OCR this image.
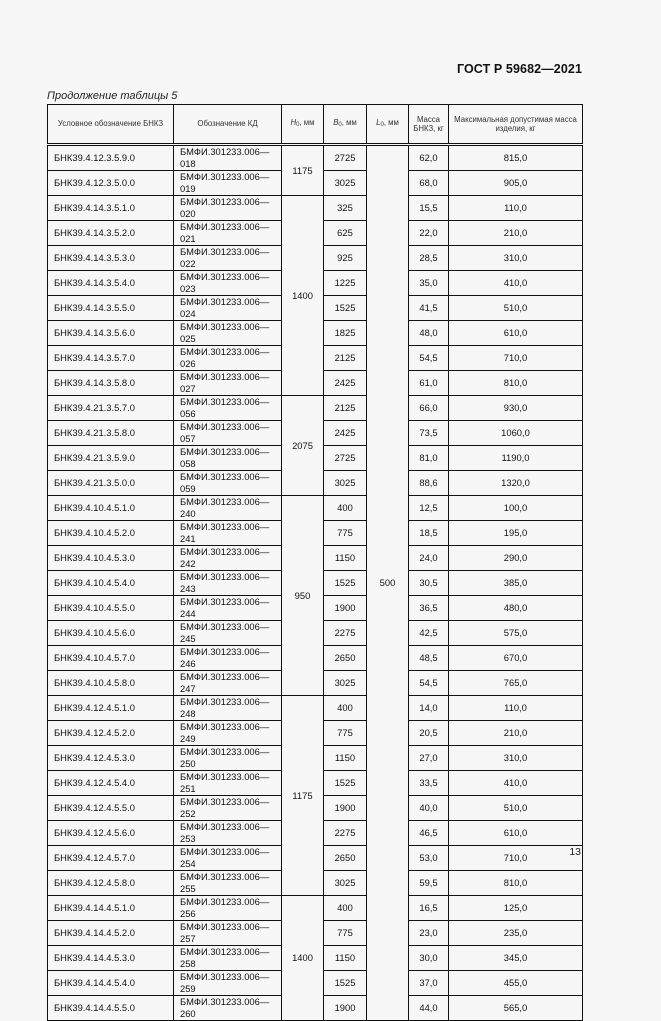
ГОСТ Р 59682—2021
Продолжение таблицы 5
Условное обозначение БНКЗ	Обозначение КД	H0, мм	B0, мм	L0, мм	Масса БНКЗ, кг	Максимальная допустимая масса изделия, кг
БНК39.4.12.3.5.9.0	БМФИ.301233.006—018	1175	2725	500	62,0	815,0
БНК39.4.12.3.5.0.0	БМФИ.301233.006—019		3025		68,0	905,0
БНК39.4.14.3.5.1.0	БМФИ.301233.006—020	1400	325		15,5	110,0
БНК39.4.14.3.5.2.0	БМФИ.301233.006—021		625		22,0	210,0
БНК39.4.14.3.5.3.0	БМФИ.301233.006—022		925		28,5	310,0
БНК39.4.14.3.5.4.0	БМФИ.301233.006—023		1225		35,0	410,0
БНК39.4.14.3.5.5.0	БМФИ.301233.006—024		1525		41,5	510,0
БНК39.4.14.3.5.6.0	БМФИ.301233.006—025		1825		48,0	610,0
БНК39.4.14.3.5.7.0	БМФИ.301233.006—026		2125		54,5	710,0
БНК39.4.14.3.5.8.0	БМФИ.301233.006—027		2425		61,0	810,0
БНК39.4.21.3.5.7.0	БМФИ.301233.006—056	2075	2125		66,0	930,0
БНК39.4.21.3.5.8.0	БМФИ.301233.006—057		2425		73,5	1060,0
БНК39.4.21.3.5.9.0	БМФИ.301233.006—058		2725		81,0	1190,0
БНК39.4.21.3.5.0.0	БМФИ.301233.006—059		3025		88,6	1320,0
БНК39.4.10.4.5.1.0	БМФИ.301233.006—240	950	400		12,5	100,0
БНК39.4.10.4.5.2.0	БМФИ.301233.006—241		775		18,5	195,0
БНК39.4.10.4.5.3.0	БМФИ.301233.006—242		1150		24,0	290,0
БНК39.4.10.4.5.4.0	БМФИ.301233.006—243		1525		30,5	385,0
БНК39.4.10.4.5.5.0	БМФИ.301233.006—244		1900		36,5	480,0
БНК39.4.10.4.5.6.0	БМФИ.301233.006—245		2275		42,5	575,0
БНК39.4.10.4.5.7.0	БМФИ.301233.006—246		2650		48,5	670,0
БНК39.4.10.4.5.8.0	БМФИ.301233.006—247		3025		54,5	765,0
БНК39.4.12.4.5.1.0	БМФИ.301233.006—248	1175	400		14,0	110,0
БНК39.4.12.4.5.2.0	БМФИ.301233.006—249		775		20,5	210,0
БНК39.4.12.4.5.3.0	БМФИ.301233.006—250		1150		27,0	310,0
БНК39.4.12.4.5.4.0	БМФИ.301233.006—251		1525		33,5	410,0
БНК39.4.12.4.5.5.0	БМФИ.301233.006—252		1900		40,0	510,0
БНК39.4.12.4.5.6.0	БМФИ.301233.006—253		2275		46,5	610,0
БНК39.4.12.4.5.7.0	БМФИ.301233.006—254		2650		53,0	710,0
БНК39.4.12.4.5.8.0	БМФИ.301233.006—255		3025		59,5	810,0
БНК39.4.14.4.5.1.0	БМФИ.301233.006—256	1400	400		16,5	125,0
БНК39.4.14.4.5.2.0	БМФИ.301233.006—257		775		23,0	235,0
БНК39.4.14.4.5.3.0	БМФИ.301233.006—258		1150		30,0	345,0
БНК39.4.14.4.5.4.0	БМФИ.301233.006—259		1525		37,0	455,0
БНК39.4.14.4.5.5.0	БМФИ.301233.006—260		1900		44,0	565,0
13
